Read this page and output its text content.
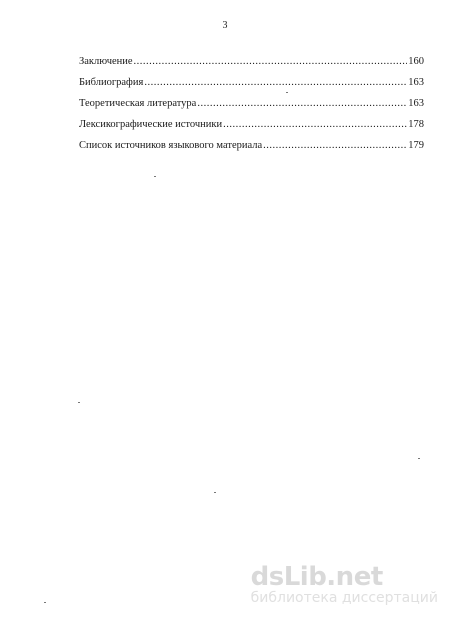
3
Заключение .....	160
Библиография .....	163
Теоретическая литература .....	163
Лексикографические источники .....	178
Список источников языкового материала .....	179
dsLib.net
библиотека диссертаций
